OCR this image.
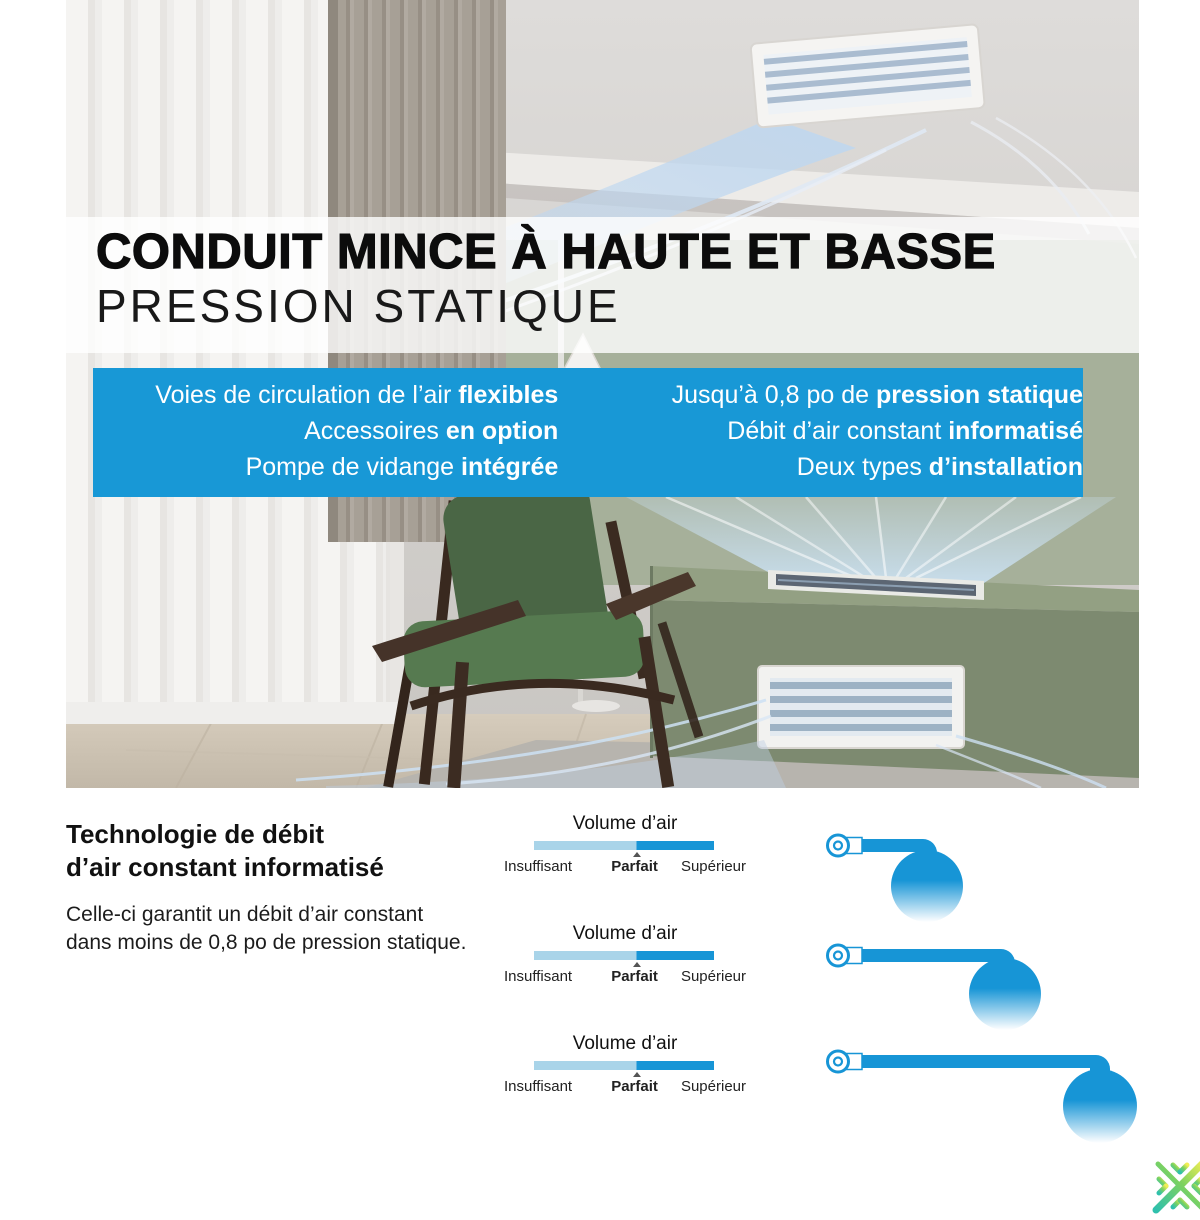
CONDUIT MINCE À HAUTE ET BASSE
PRESSION STATIQUE
Voies de circulation de l’air flexibles
Accessoires en option
Pompe de vidange intégrée
Jusqu’à 0,8 po de pression statique
Débit d’air constant informatisé
Deux types d’installation
Technologie de débit
d’air constant informatisé

Celle-ci garantit un débit d’air constant
dans moins de 0,8 po de pression statique.

Volume d’air

Insuffisant	Parfait Supérieur

Volume d’air

Insuffisant	Parfait Supérieur

Volume d’air

Insuffisant	Parfait Supérieur
